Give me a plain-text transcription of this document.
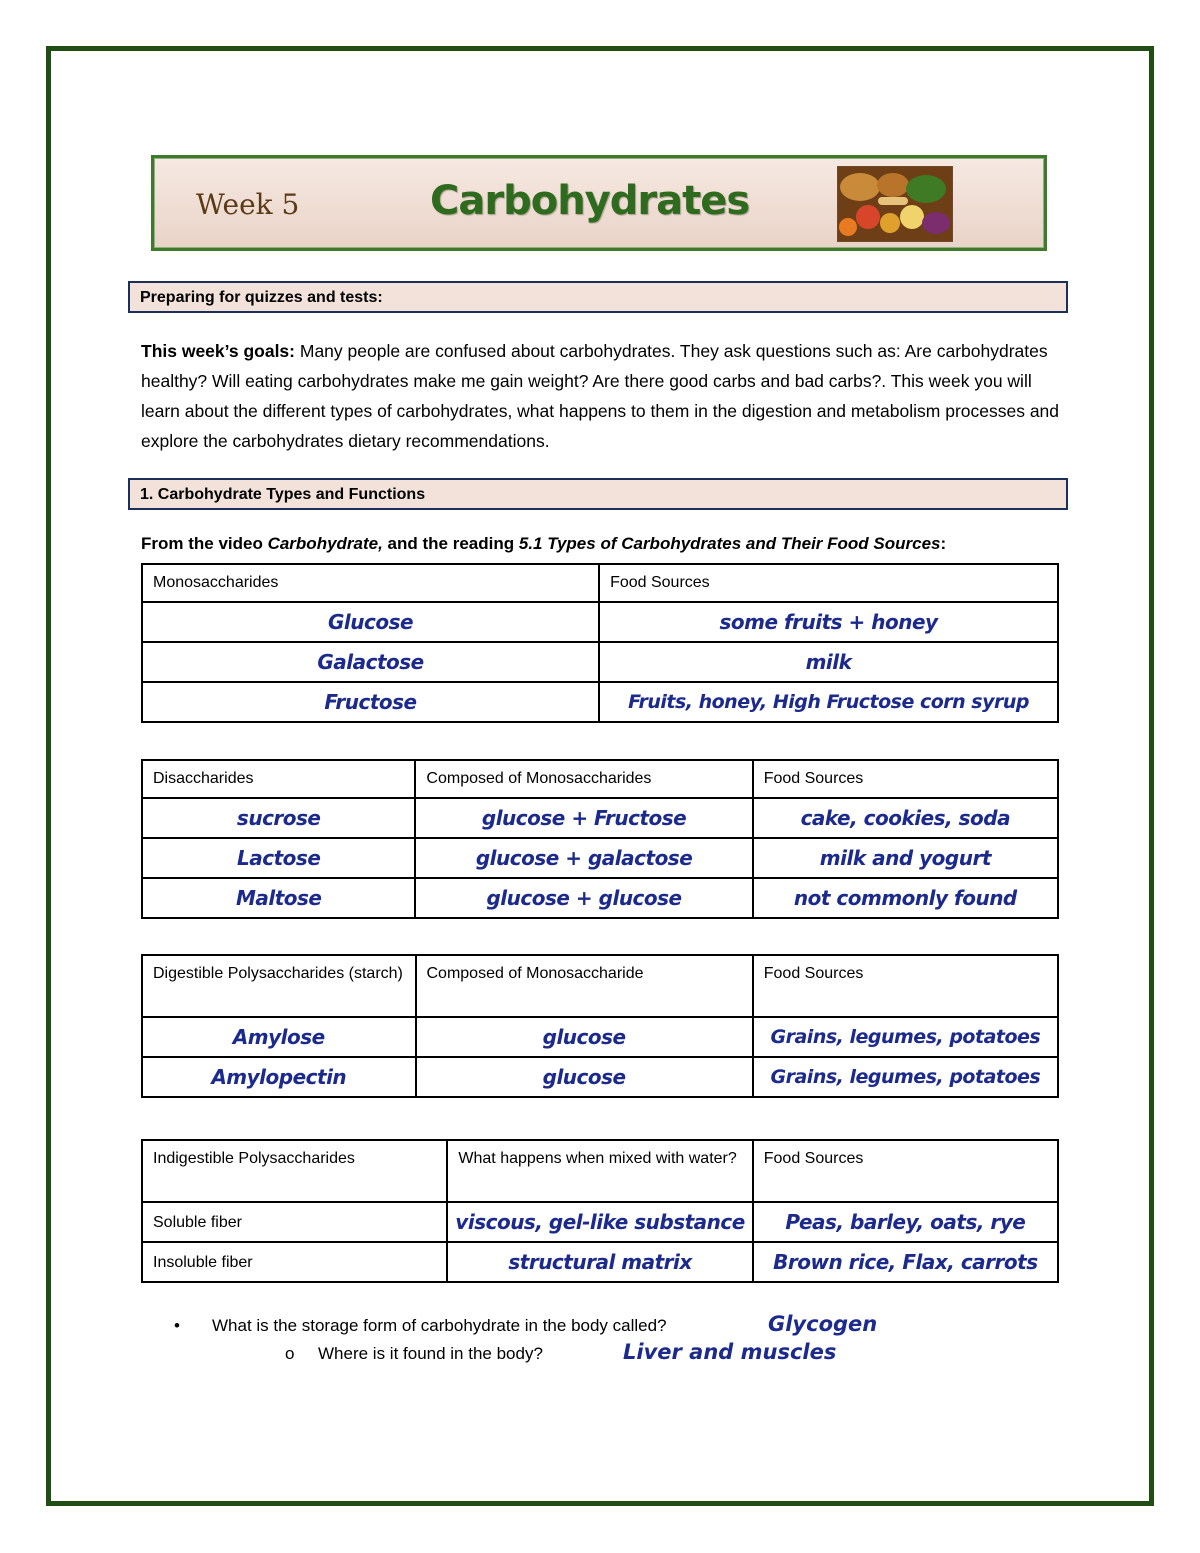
Week 5	Carbohydrates
Preparing for quizzes and tests:
This week’s goals: Many people are confused about carbohydrates. They ask questions such as: Are carbohydrates healthy? Will eating carbohydrates make me gain weight? Are there good carbs and bad carbs?. This week you will learn about the different types of carbohydrates, what happens to them in the digestion and metabolism processes and explore the carbohydrates dietary recommendations.
1. Carbohydrate Types and Functions
From the video Carbohydrate, and the reading 5.1 Types of Carbohydrates and Their Food Sources:
Monosaccharides	Food Sources
Glucose	some fruits + honey
Galactose	milk
Fructose	Fruits, honey, High Fructose corn syrup
Disaccharides	Composed of Monosaccharides	Food Sources
sucrose	glucose + Fructose	cake, cookies, soda
Lactose	glucose + galactose	milk and yogurt
Maltose	glucose + glucose	not commonly found
Digestible Polysaccharides (starch)	Composed of Monosaccharide	Food Sources
Amylose	glucose	Grains, legumes, potatoes
Amylopectin	glucose	Grains, legumes, potatoes
Indigestible Polysaccharides	What happens when mixed with water?	Food Sources
Soluble fiber	viscous, gel-like substance	Peas, barley, oats, rye
Insoluble fiber	structural matrix	Brown rice, Flax, carrots
• What is the storage form of carbohydrate in the body called?	Glycogen
o Where is it found in the body?	Liver and muscles
